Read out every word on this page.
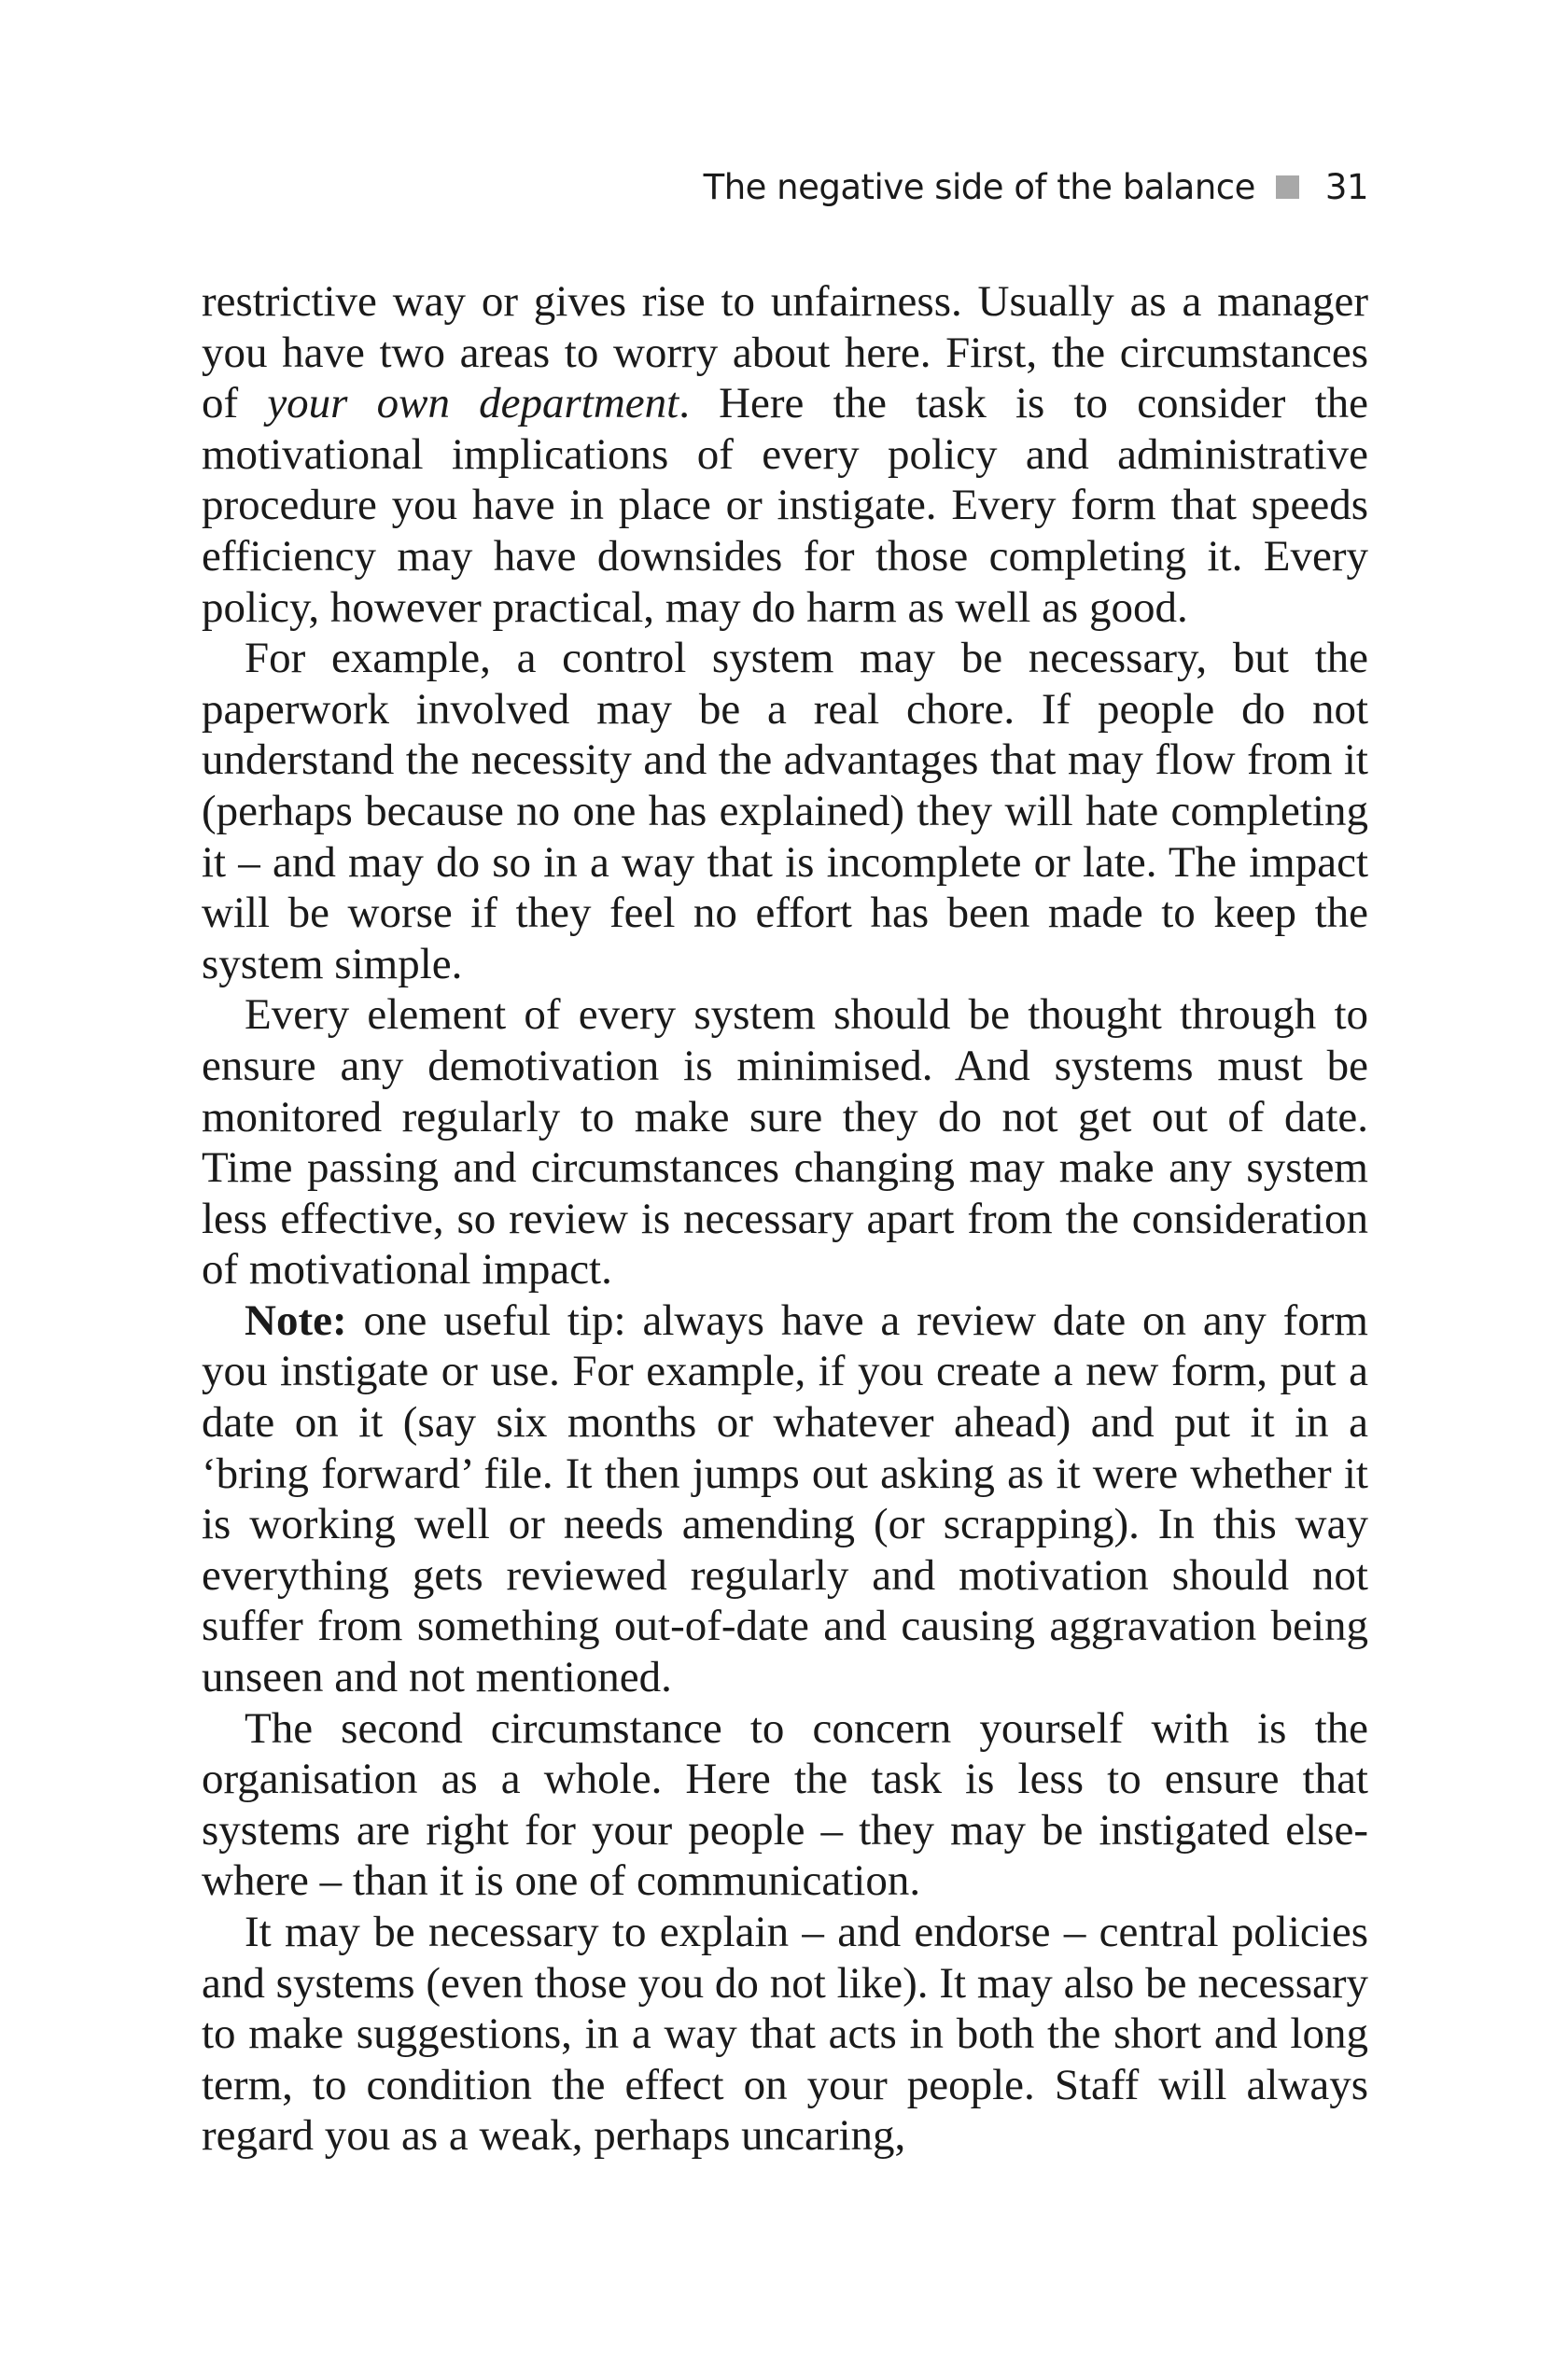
The negative side of the balance 31

restrictive way or gives rise to unfairness. Usually as a manager you have two areas to worry about here. First, the circumstances of your own department. Here the task is to consider the motivational implications of every policy and administrative procedure you have in place or instigate. Every form that speeds efficiency may have downsides for those completing it. Every policy, however practical, may do harm as well as good.

For example, a control system may be necessary, but the paperwork involved may be a real chore. If people do not understand the necessity and the advantages that may flow from it (perhaps because no one has explained) they will hate completing it – and may do so in a way that is incomplete or late. The impact will be worse if they feel no effort has been made to keep the system simple.

Every element of every system should be thought through to ensure any demotivation is minimised. And systems must be monitored regularly to make sure they do not get out of date. Time passing and circumstances changing may make any system less effective, so review is necessary apart from the consideration of motivational impact.

Note: one useful tip: always have a review date on any form you instigate or use. For example, if you create a new form, put a date on it (say six months or whatever ahead) and put it in a ‘bring forward’ file. It then jumps out asking as it were whether it is working well or needs amending (or scrapping). In this way everything gets reviewed regularly and motivation should not suffer from something out-of-date and causing aggravation being unseen and not mentioned.

The second circumstance to concern yourself with is the organisation as a whole. Here the task is less to ensure that systems are right for your people – they may be instigated elsewhere – than it is one of communication.

It may be necessary to explain – and endorse – central policies and systems (even those you do not like). It may also be necessary to make suggestions, in a way that acts in both the short and long term, to condition the effect on your people. Staff will always regard you as a weak, perhaps uncaring,
